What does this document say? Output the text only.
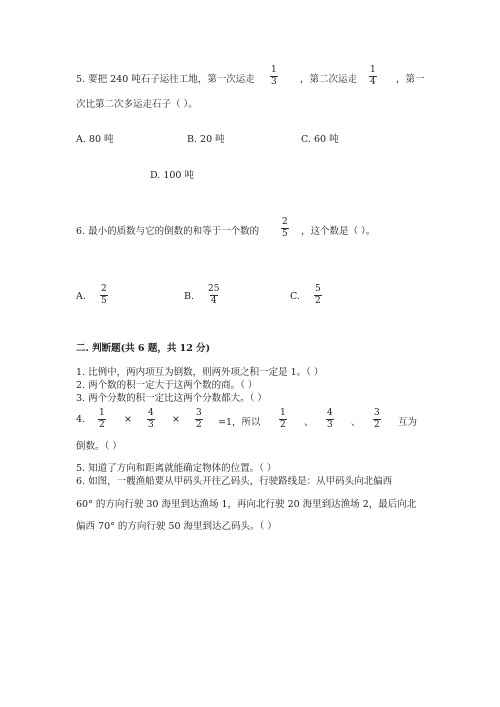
5. 要把 240 吨石子运往工地，第一次运走 $\frac{1}{3}$ ，第二次运走 $\frac{1}{4}$ ，第一
次比第二次多运走石子（ ）。
A. 80 吨	B. 20 吨	C. 60 吨
D. 100 吨
6. 最小的质数与它的倒数的和等于一个数的 $\frac{2}{5}$ ，这个数是（ ）。
A. $\frac{2}{5}$	B. $\frac{25}{4}$	C. $\frac{5}{2}$
二. 判断题(共 6 题，共 12 分)
1. 比例中，两内项互为倒数，则两外项之积一定是 1。（ ）
2. 两个数的积一定大于这两个数的商。（ ）
3. 两个分数的积一定比这两个分数都大。（ ）
4. $\frac{1}{2} \times \frac{4}{3} \times \frac{3}{2} =1$，所以 $\frac{1}{2}$ 、 $\frac{4}{3}$ 、 $\frac{3}{2}$ 互为
倒数。（ ）
5. 知道了方向和距离就能确定物体的位置。（ ）
6. 如图，一艘渔船要从甲码头开往乙码头，行驶路线是：从甲码头向北偏西
60° 的方向行驶 30 海里到达渔场 1，再向北行驶 20 海里到达渔场 2，最后向北
偏西 70° 的方向行驶 50 海里到达乙码头。（ ）
